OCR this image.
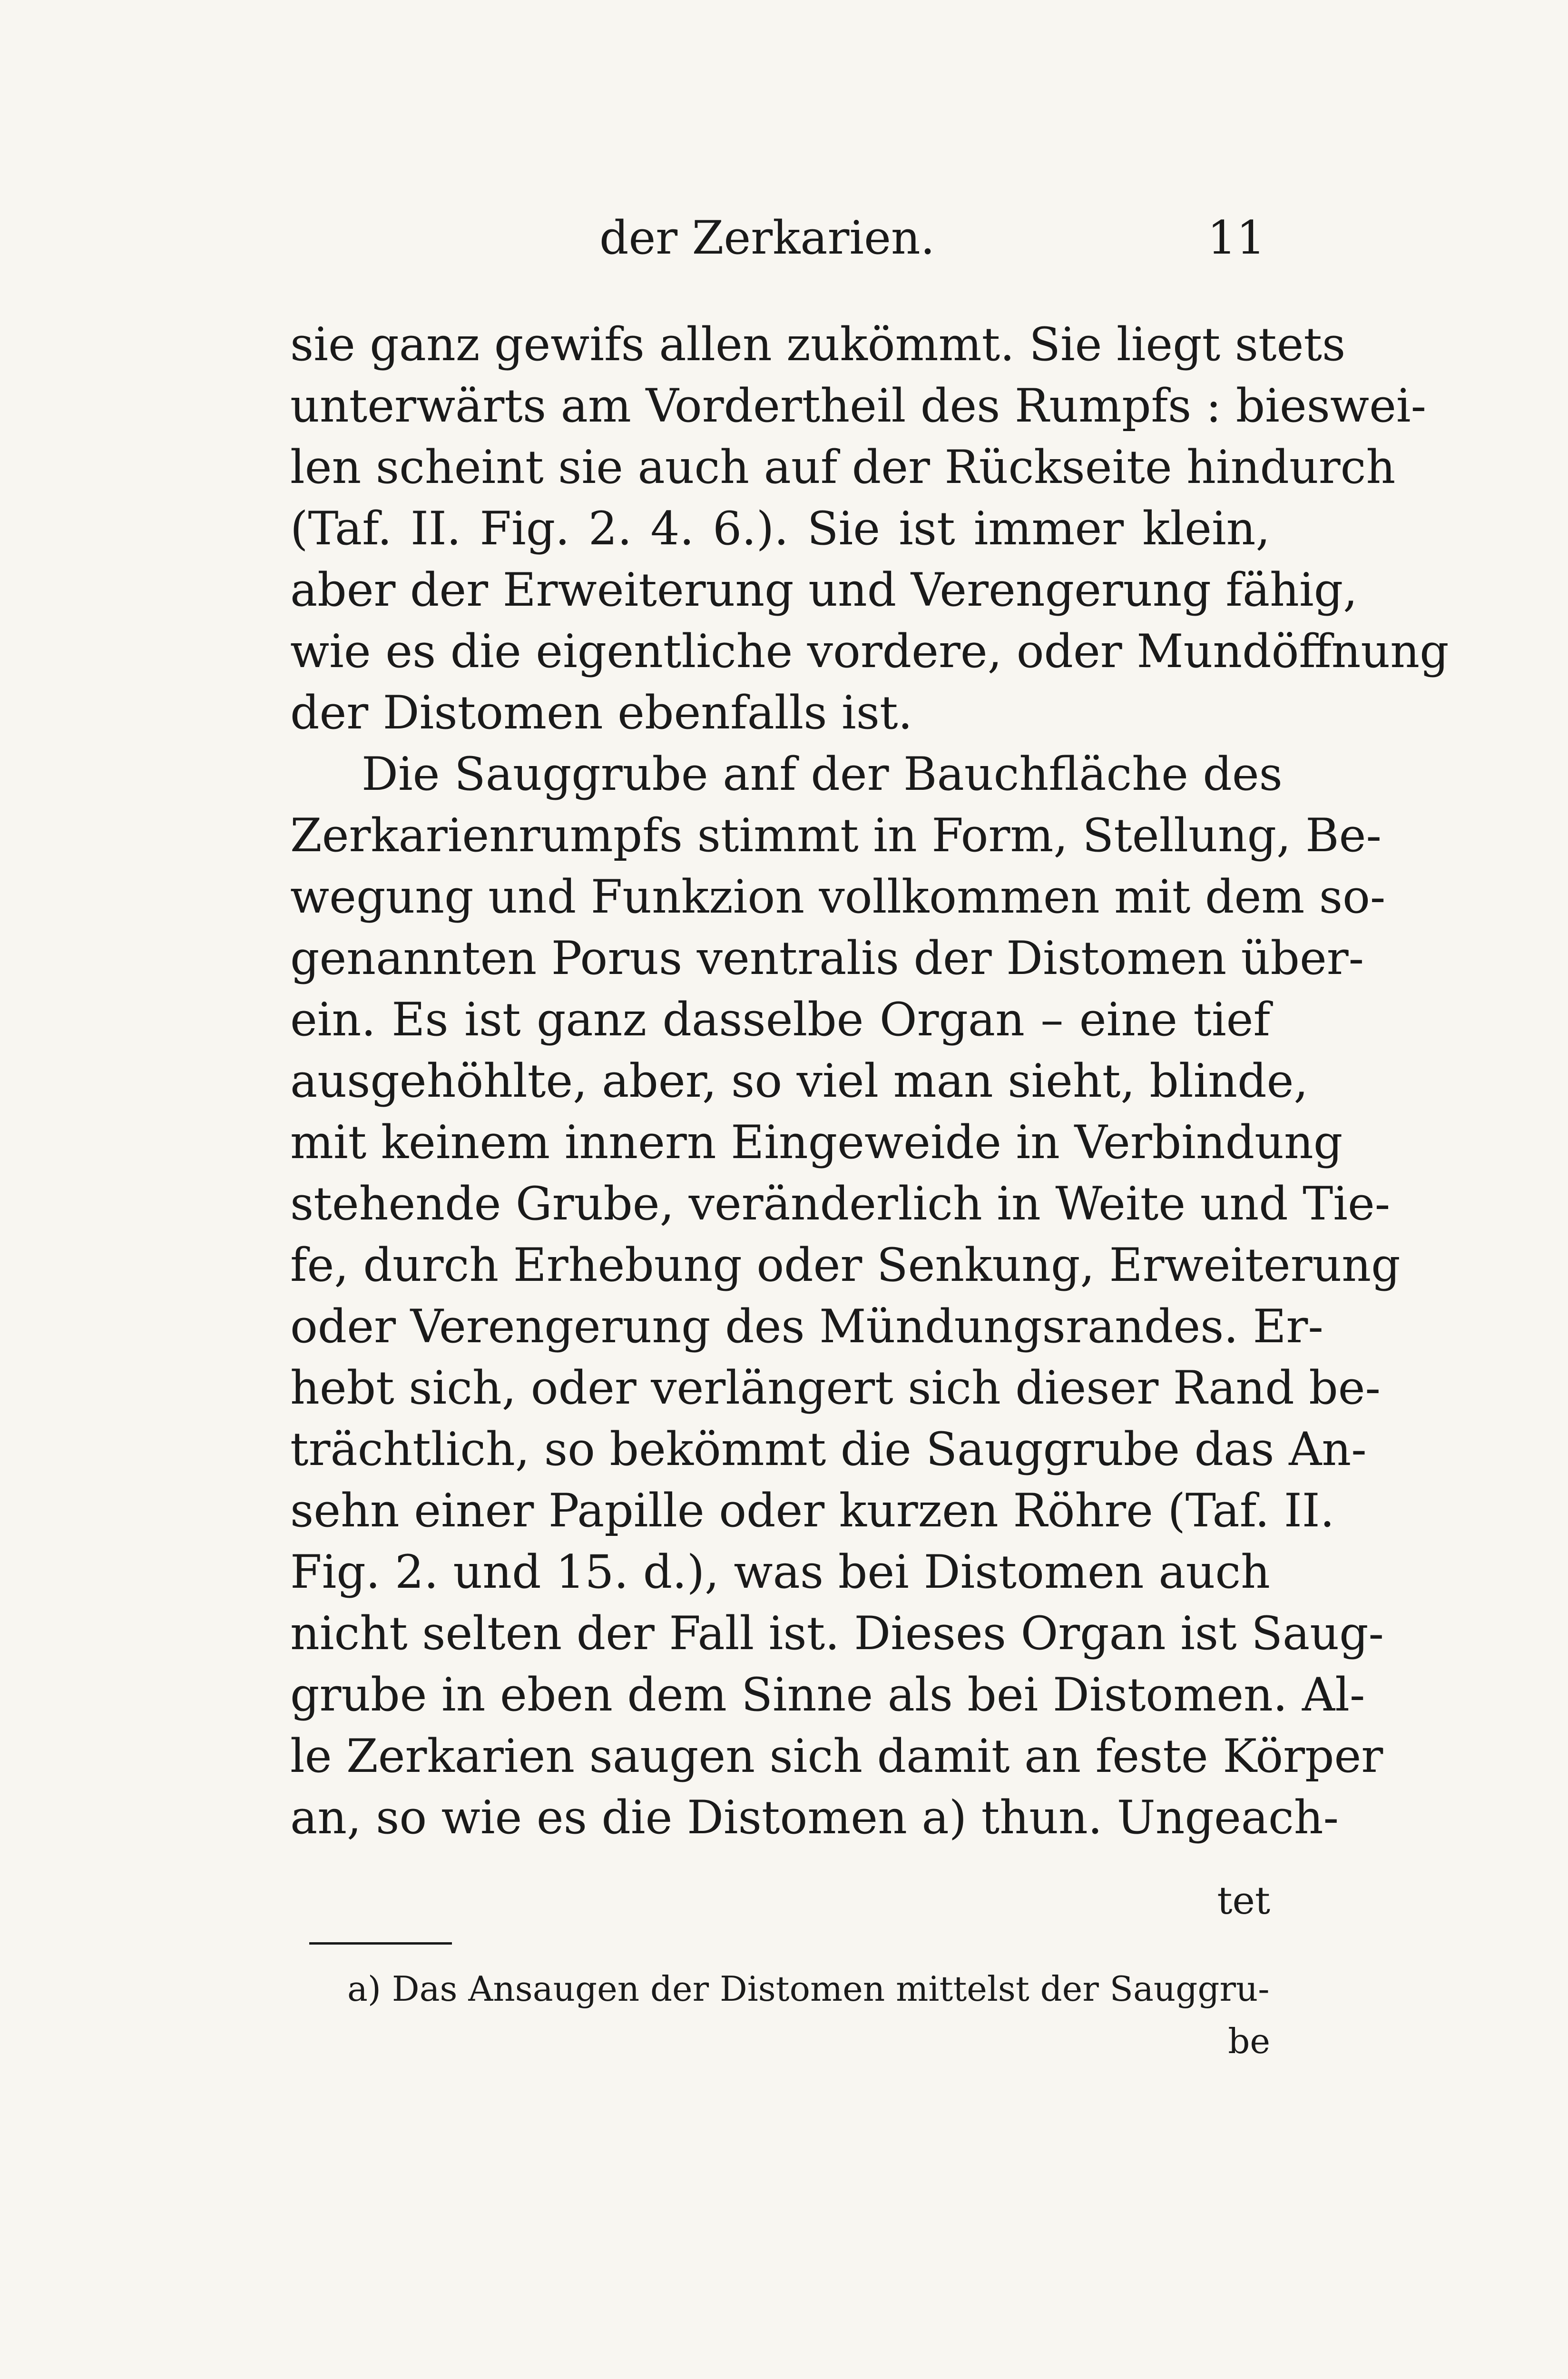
der Zerkarien.	11
sie ganz gewifs allen zukömmt. Sie liegt stets
unterwärts am Vordertheil des Rumpfs : bieswei-
len scheint sie auch auf der Rückseite hindurch
(Taf. II. Fig. 2. 4. 6.). Sie ist immer klein,
aber der Erweiterung und Verengerung fähig,
wie es die eigentliche vordere, oder Mundöffnung
der Distomen ebenfalls ist.
Die Sauggrube anf der Bauchfläche des
Zerkarienrumpfs stimmt in Form, Stellung, Be-
wegung und Funkzion vollkommen mit dem so-
genannten Porus ventralis der Distomen über-
ein. Es ist ganz dasselbe Organ – eine tief
ausgehöhlte, aber, so viel man sieht, blinde,
mit keinem innern Eingeweide in Verbindung
stehende Grube, veränderlich in Weite und Tie-
fe, durch Erhebung oder Senkung, Erweiterung
oder Verengerung des Mündungsrandes. Er-
hebt sich, oder verlängert sich dieser Rand be-
trächtlich, so bekömmt die Sauggrube das An-
sehn einer Papille oder kurzen Röhre (Taf. II.
Fig. 2. und 15. d.), was bei Distomen auch
nicht selten der Fall ist. Dieses Organ ist Saug-
grube in eben dem Sinne als bei Distomen. Al-
le Zerkarien saugen sich damit an feste Körper
an, so wie es die Distomen a) thun. Ungeach-
tet
a) Das Ansaugen der Distomen mittelst der Sauggru-
be
